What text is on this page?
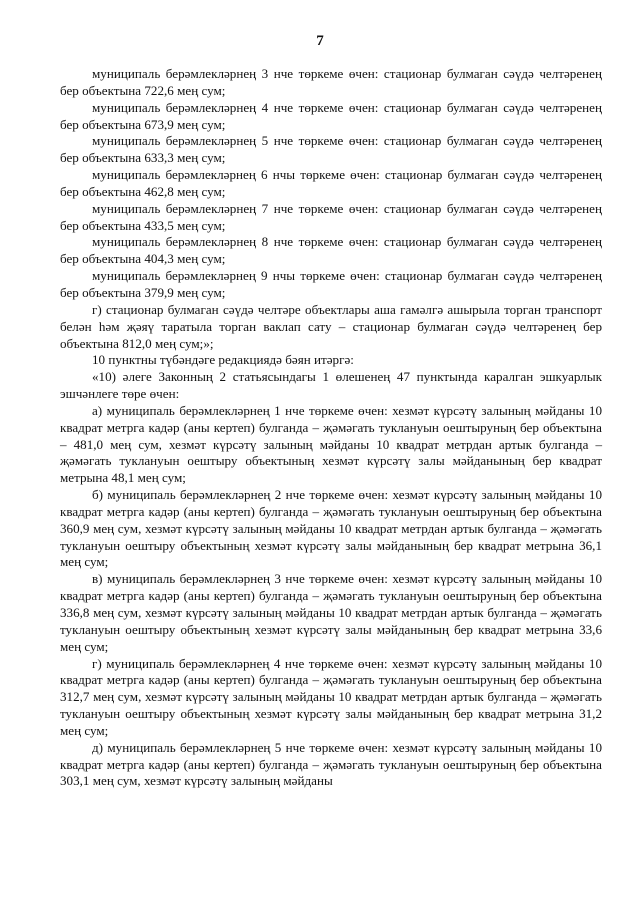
7

муниципаль берәмлекләрнең 3 нче төркеме өчен: стационар булмаган сәүдә челтәренең бер объектына 722,6 мең сум;

муниципаль берәмлекләрнең 4 нче төркеме өчен: стационар булмаган сәүдә челтәренең бер объектына 673,9 мең сум;

муниципаль берәмлекләрнең 5 нче төркеме өчен: стационар булмаган сәүдә челтәренең бер объектына 633,3 мең сум;

муниципаль берәмлекләрнең 6 нчы төркеме өчен: стационар булмаган сәүдә челтәренең бер объектына 462,8 мең сум;

муниципаль берәмлекләрнең 7 нче төркеме өчен: стационар булмаган сәүдә челтәренең бер объектына 433,5 мең сум;

муниципаль берәмлекләрнең 8 нче төркеме өчен: стационар булмаган сәүдә челтәренең бер объектына 404,3 мең сум;

муниципаль берәмлекләрнең 9 нчы төркеме өчен: стационар булмаган сәүдә челтәренең бер объектына 379,9 мең сум;

г) стационар булмаган сәүдә челтәре объектлары аша гамәлгә ашырыла торган транспорт белән һәм җәяү таратыла торган ваклап сату – стационар булмаган сәүдә челтәренең бер объектына 812,0 мең сум;»;

10 пунктны түбәндәге редакциядә бәян итәргә:

«10) әлеге Законның 2 статьясындагы 1 өлешенең 47 пунктында каралган эшкуарлык эшчәнлеге төре өчен:

а) муниципаль берәмлекләрнең 1 нче төркеме өчен: хезмәт күрсәтү залының мәйданы 10 квадрат метрга кадәр (аны кертеп) булганда – җәмәгать туклануын оештыруның бер объектына – 481,0 мең сум, хезмәт күрсәтү залының мәйданы 10 квадрат метрдан артык булганда – җәмәгать туклануын оештыру объектының хезмәт күрсәтү залы мәйданының бер квадрат метрына 48,1 мең сум;

б) муниципаль берәмлекләрнең 2 нче төркеме өчен: хезмәт күрсәтү залының мәйданы 10 квадрат метрга кадәр (аны кертеп) булганда – җәмәгать туклануын оештыруның бер объектына 360,9 мең сум, хезмәт күрсәтү залының мәйданы 10 квадрат метрдан артык булганда – җәмәгать туклануын оештыру объектының хезмәт күрсәтү залы мәйданының бер квадрат метрына 36,1 мең сум;

в) муниципаль берәмлекләрнең 3 нче төркеме өчен: хезмәт күрсәтү залының мәйданы 10 квадрат метрга кадәр (аны кертеп) булганда – җәмәгать туклануын оештыруның бер объектына 336,8 мең сум, хезмәт күрсәтү залының мәйданы 10 квадрат метрдан артык булганда – җәмәгать туклануын оештыру объектының хезмәт күрсәтү залы мәйданының бер квадрат метрына 33,6 мең сум;

г) муниципаль берәмлекләрнең 4 нче төркеме өчен: хезмәт күрсәтү залының мәйданы 10 квадрат метрга кадәр (аны кертеп) булганда – җәмәгать туклануын оештыруның бер объектына 312,7 мең сум, хезмәт күрсәтү залының мәйданы 10 квадрат метрдан артык булганда – җәмәгать туклануын оештыру объектының хезмәт күрсәтү залы мәйданының бер квадрат метрына 31,2 мең сум;

д) муниципаль берәмлекләрнең 5 нче төркеме өчен: хезмәт күрсәтү залының мәйданы 10 квадрат метрга кадәр (аны кертеп) булганда – җәмәгать туклануын оештыруның бер объектына 303,1 мең сум, хезмәт күрсәтү залының мәйданы
